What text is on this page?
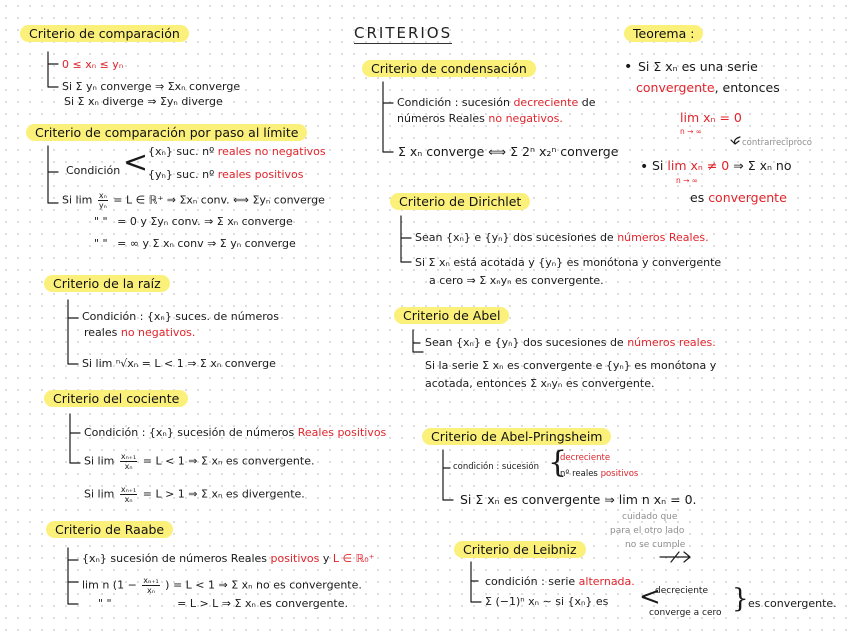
CRITERIOS
Criterio de comparación
0 ≤ xₙ ≤ yₙ
Si Σ yₙ converge ⇒ Σxₙ converge
Si Σ xₙ diverge ⇒ Σyₙ diverge
Criterio de comparación por paso al límite
Condición < {xₙ} suc. nº reales no negativos
{yₙ} suc. nº reales positivos
Si $\lim \frac{\text{xₙ}}{\text{yₙ}} = L$ ∈ ℝ⁺ ⇒ Σxₙ conv. ⟺ Σyₙ converge
" " = 0 y Σyₙ conv. ⇒ Σ xₙ converge
" " = ∞ y Σ xₙ conv ⇒ Σ yₙ converge
Criterio de la raíz
Condición : {xₙ} suces. de números
reales no negativos.
Si lim ⁿ√xₙ = L < 1 ⇒ Σ xₙ converge
Criterio del cociente
Condición : {xₙ} sucesión de números Reales positivos
Si $\lim \frac{\text{xₙ₊₁}}{\text{xₙ}} = L < 1$ ⇒ Σ xₙ es convergente.
Si $\lim \frac{\text{xₙ₊₁}}{\text{xₙ}} = L > 1$ ⇒ Σ xₙ es divergente.
Criterio de Raabe
{xₙ} sucesión de números Reales positivos y L ∈ ℝ₀⁺
lim n ($1 - \frac{\text{xₙ₊₁}}{\text{xₙ}}$ ) = L < 1 ⇒ Σ xₙ no es convergente.
" "	= L > L ⇒ Σ xₙ es convergente.
Criterio de condensación
Condición : sucesión decreciente de
números Reales no negativos.
Σ xₙ converge ⟺ Σ 2ⁿ x₂ⁿ converge
Criterio de Dirichlet
Sean {xₙ} e {yₙ} dos sucesiones de números Reales.
Si Σ xₙ está acotada y {yₙ} es monótona y convergente
a cero ⇒ Σ xₙyₙ es convergente.
Criterio de Abel
Sean {xₙ} e {yₙ} dos sucesiones de números reales.
Si la serie Σ xₙ es convergente e {yₙ} es monótona y
acotada, entonces Σ xₙyₙ es convergente.
Criterio de Abel-Pringsheim
condición : sucesión {
decreciente
nº reales positivos
Si Σ xₙ es convergente ⇒ lim n xₙ = 0.
cuidado que
para el otro lado
no se cumple
Criterio de Leibniz
condición : serie alternada.
Σ (−1)ⁿ xₙ ∼ si {xₙ} es <
decreciente
converge a cero } es convergente.
Teorema :
• Si Σ xₙ es una serie
convergente, entonces
lim xₙ = 0
n → ∞
contrarrecíproco
• Si lim xₙ ≠ 0 ⇒ Σ xₙ no
n → ∞
es convergente
